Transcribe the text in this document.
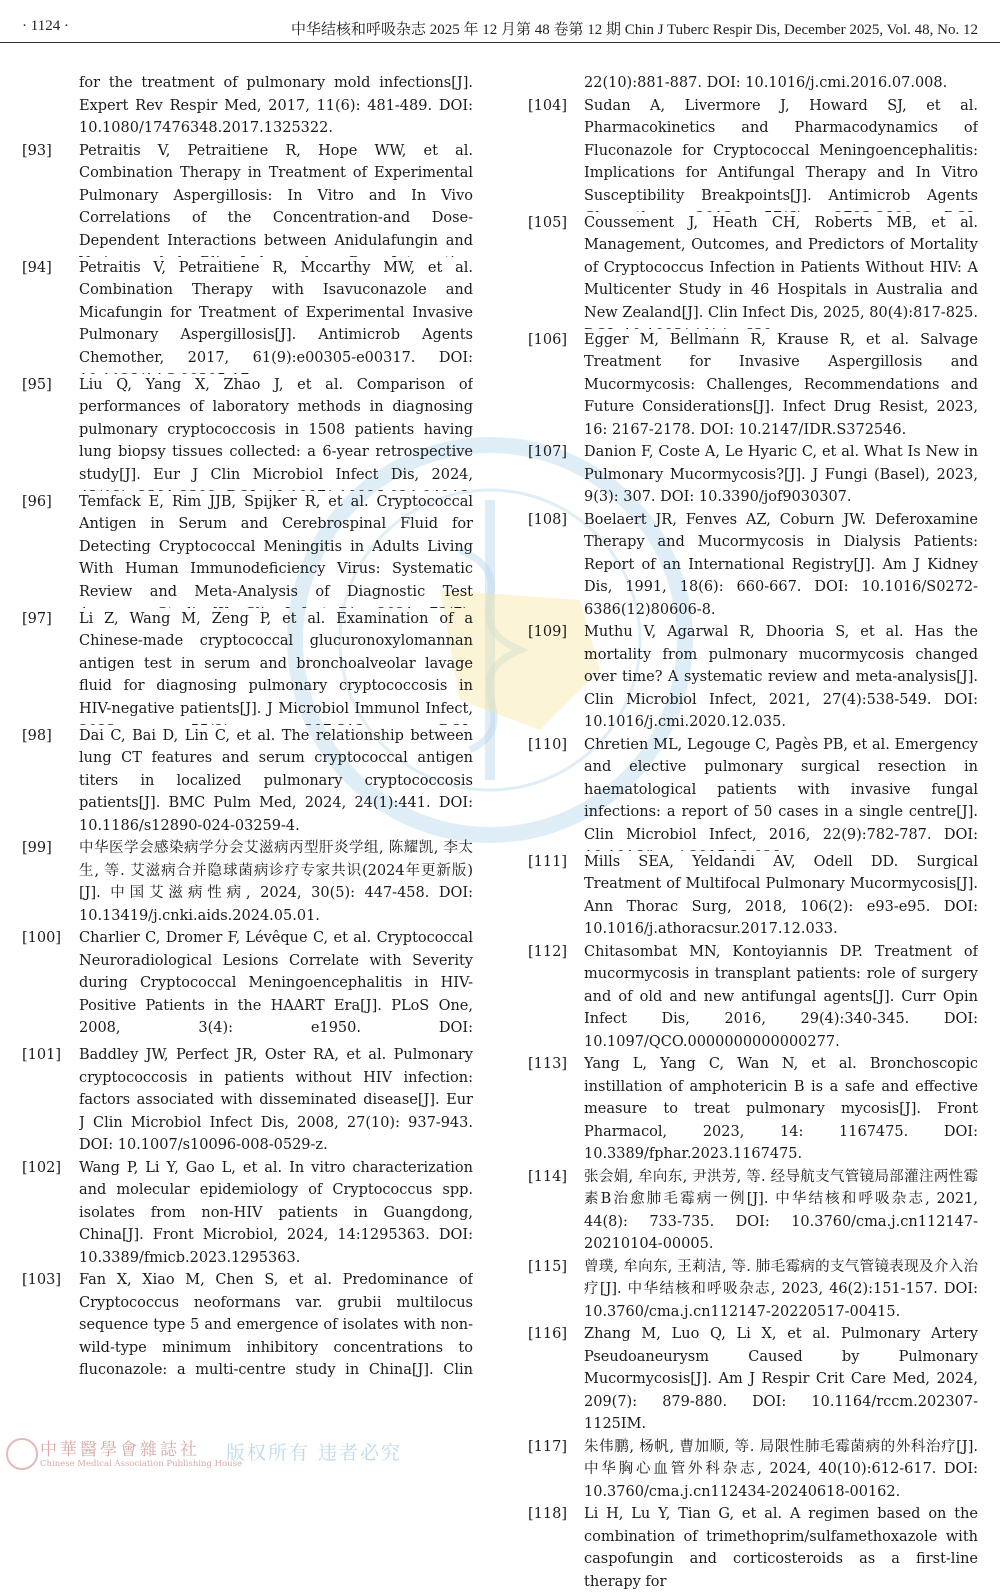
· 1124 ·	中华结核和呼吸杂志 2025 年 12 月第 48 卷第 12 期 Chin J Tuberc Respir Dis, December 2025, Vol. 48, No. 12
for the treatment of pulmonary mold infections[J]. Expert Rev Respir Med, 2017, 11(6): 481-489. DOI: 10.1080/17476348.2017.1325322.
[93]	Petraitis V, Petraitiene R, Hope WW, et al. Combination Therapy in Treatment of Experimental Pulmonary Aspergillosis: In Vitro and In Vivo Correlations of the Concentration-and Dose-Dependent Interactions between Anidulafungin and
[94]	Petraitis V, Petraitiene R, Mccarthy MW, et al. Combination Therapy with Isavuconazole and Micafungin for Treatment of Experimental Invasive Pulmonary Aspergillosis[J]. Antimicrob Agents Chemother, 2017, 61(9):e00305-e00317. DOI:
[95]	Liu Q, Yang X, Zhao J, et al. Comparison of performances of laboratory methods in diagnosing pulmonary cryptococcosis in 1508 patients having lung biopsy tissues collected: a 6-year retrospective study[J]. Eur J Clin Microbiol Infect Dis, 2024,
[96]	Temfack E, Rim JJB, Spijker R, et al. Cryptococcal Antigen in Serum and Cerebrospinal Fluid for Detecting Cryptococcal Meningitis in Adults Living With Human Immunodeficiency Virus: Systematic Review and Meta-Analysis of Diagnostic Test
[97]	Li Z, Wang M, Zeng P, et al. Examination of a Chinese-made cryptococcal glucuronoxylomannan antigen test in serum and bronchoalveolar lavage fluid for diagnosing pulmonary cryptococcosis in HIV-negative patients[J]. J Microbiol Immunol Infect,
[98]	Dai C, Bai D, Lin C, et al. The relationship between lung CT features and serum cryptococcal antigen titers in localized pulmonary cryptococcosis patients[J]. BMC Pulm Med, 2024, 24(1):441. DOI: 10.1186/s12890-024-03259-4.
[99]	中华医学会感染病学分会艾滋病丙型肝炎学组, 陈耀凯, 李太生, 等. 艾滋病合并隐球菌病诊疗专家共识(2024年更新版) [J]. 中国艾滋病性病, 2024, 30(5): 447-458. DOI: 10.13419/j.cnki.aids.2024.05.01.
[100]	Charlier C, Dromer F, Lévêque C, et al. Cryptococcal Neuroradiological Lesions Correlate with Severity during Cryptococcal Meningoencephalitis in HIV-Positive Patients in the HAART Era[J]. PLoS One, 2008, 3(4): e1950. DOI:
[101]	Baddley JW, Perfect JR, Oster RA, et al. Pulmonary cryptococcosis in patients without HIV infection: factors associated with disseminated disease[J]. Eur J Clin Microbiol Infect Dis, 2008, 27(10): 937-943. DOI: 10.1007/s10096-008-0529-z.
[102]	Wang P, Li Y, Gao L, et al. In vitro characterization and molecular epidemiology of Cryptococcus spp. isolates from non-HIV patients in Guangdong, China[J]. Front Microbiol, 2024, 14:1295363. DOI: 10.3389/fmicb.2023.1295363.
[103]	Fan X, Xiao M, Chen S, et al. Predominance of Cryptococcus neoformans var. grubii multilocus sequence type 5 and emergence of isolates with non-wild-type minimum inhibitory concentrations to fluconazole: a multi-centre study in China[J]. Clin
22(10):881-887. DOI: 10.1016/j.cmi.2016.07.008.
[104]	Sudan A, Livermore J, Howard SJ, et al. Pharmacokinetics and Pharmacodynamics of Fluconazole for Cryptococcal Meningoencephalitis: Implications for Antifungal Therapy and In Vitro Susceptibility Breakpoints[J]. Antimicrob Agents
[105]	Coussement J, Heath CH, Roberts MB, et al. Management, Outcomes, and Predictors of Mortality of Cryptococcus Infection in Patients Without HIV: A Multicenter Study in 46 Hospitals in Australia and New Zealand[J]. Clin Infect Dis, 2025, 80(4):817-825.
[106]	Egger M, Bellmann R, Krause R, et al. Salvage Treatment for Invasive Aspergillosis and Mucormycosis: Challenges, Recommendations and Future Considerations[J]. Infect Drug Resist, 2023, 16: 2167-2178. DOI: 10.2147/IDR.S372546.
[107]	Danion F, Coste A, Le Hyaric C, et al. What Is New in Pulmonary Mucormycosis?[J]. J Fungi (Basel), 2023, 9(3): 307. DOI: 10.3390/jof9030307.
[108]	Boelaert JR, Fenves AZ, Coburn JW. Deferoxamine Therapy and Mucormycosis in Dialysis Patients: Report of an International Registry[J]. Am J Kidney Dis, 1991, 18(6): 660-667. DOI: 10.1016/S0272-6386(12)80606-8.
[109]	Muthu V, Agarwal R, Dhooria S, et al. Has the mortality from pulmonary mucormycosis changed over time? A systematic review and meta-analysis[J]. Clin Microbiol Infect, 2021, 27(4):538-549. DOI: 10.1016/j.cmi.2020.12.035.
[110]	Chretien ML, Legouge C, Pagès PB, et al. Emergency and elective pulmonary surgical resection in haematological patients with invasive fungal infections: a report of 50 cases in a single centre[J]. Clin Microbiol Infect, 2016, 22(9):782-787. DOI:
[111]	Mills SEA, Yeldandi AV, Odell DD. Surgical Treatment of Multifocal Pulmonary Mucormycosis[J]. Ann Thorac Surg, 2018, 106(2): e93-e95. DOI: 10.1016/j.athoracsur.2017.12.033.
[112]	Chitasombat MN, Kontoyiannis DP. Treatment of mucormycosis in transplant patients: role of surgery and of old and new antifungal agents[J]. Curr Opin Infect Dis, 2016, 29(4):340-345. DOI: 10.1097/QCO.0000000000000277.
[113]	Yang L, Yang C, Wan N, et al. Bronchoscopic instillation of amphotericin B is a safe and effective measure to treat pulmonary mycosis[J]. Front Pharmacol, 2023, 14: 1167475. DOI: 10.3389/fphar.2023.1167475.
[114]	张会娟, 牟向东, 尹洪芳, 等. 经导航支气管镜局部灌注两性霉素B治愈肺毛霉病一例[J]. 中华结核和呼吸杂志, 2021, 44(8): 733-735. DOI: 10.3760/cma.j.cn112147-20210104-00005.
[115]	曾璞, 牟向东, 王莉洁, 等. 肺毛霉病的支气管镜表现及介入治疗[J]. 中华结核和呼吸杂志, 2023, 46(2):151-157. DOI: 10.3760/cma.j.cn112147-20220517-00415.
[116]	Zhang M, Luo Q, Li X, et al. Pulmonary Artery Pseudoaneurysm Caused by Pulmonary Mucormycosis[J]. Am J Respir Crit Care Med, 2024, 209(7): 879-880. DOI: 10.1164/rccm.202307-1125IM.
[117]	朱伟鹏, 杨帆, 曹加顺, 等. 局限性肺毛霉菌病的外科治疗[J]. 中华胸心血管外科杂志, 2024, 40(10):612-617. DOI: 10.3760/cma.j.cn112434-20240618-00162.
[118]	Li H, Lu Y, Tian G, et al. A regimen based on the combination of trimethoprim/sulfamethoxazole with caspofungin and corticosteroids as a first-line therapy for
中華醫學會雜誌社
Chinese Medical Association Publishing House
版权所有 违者必究
